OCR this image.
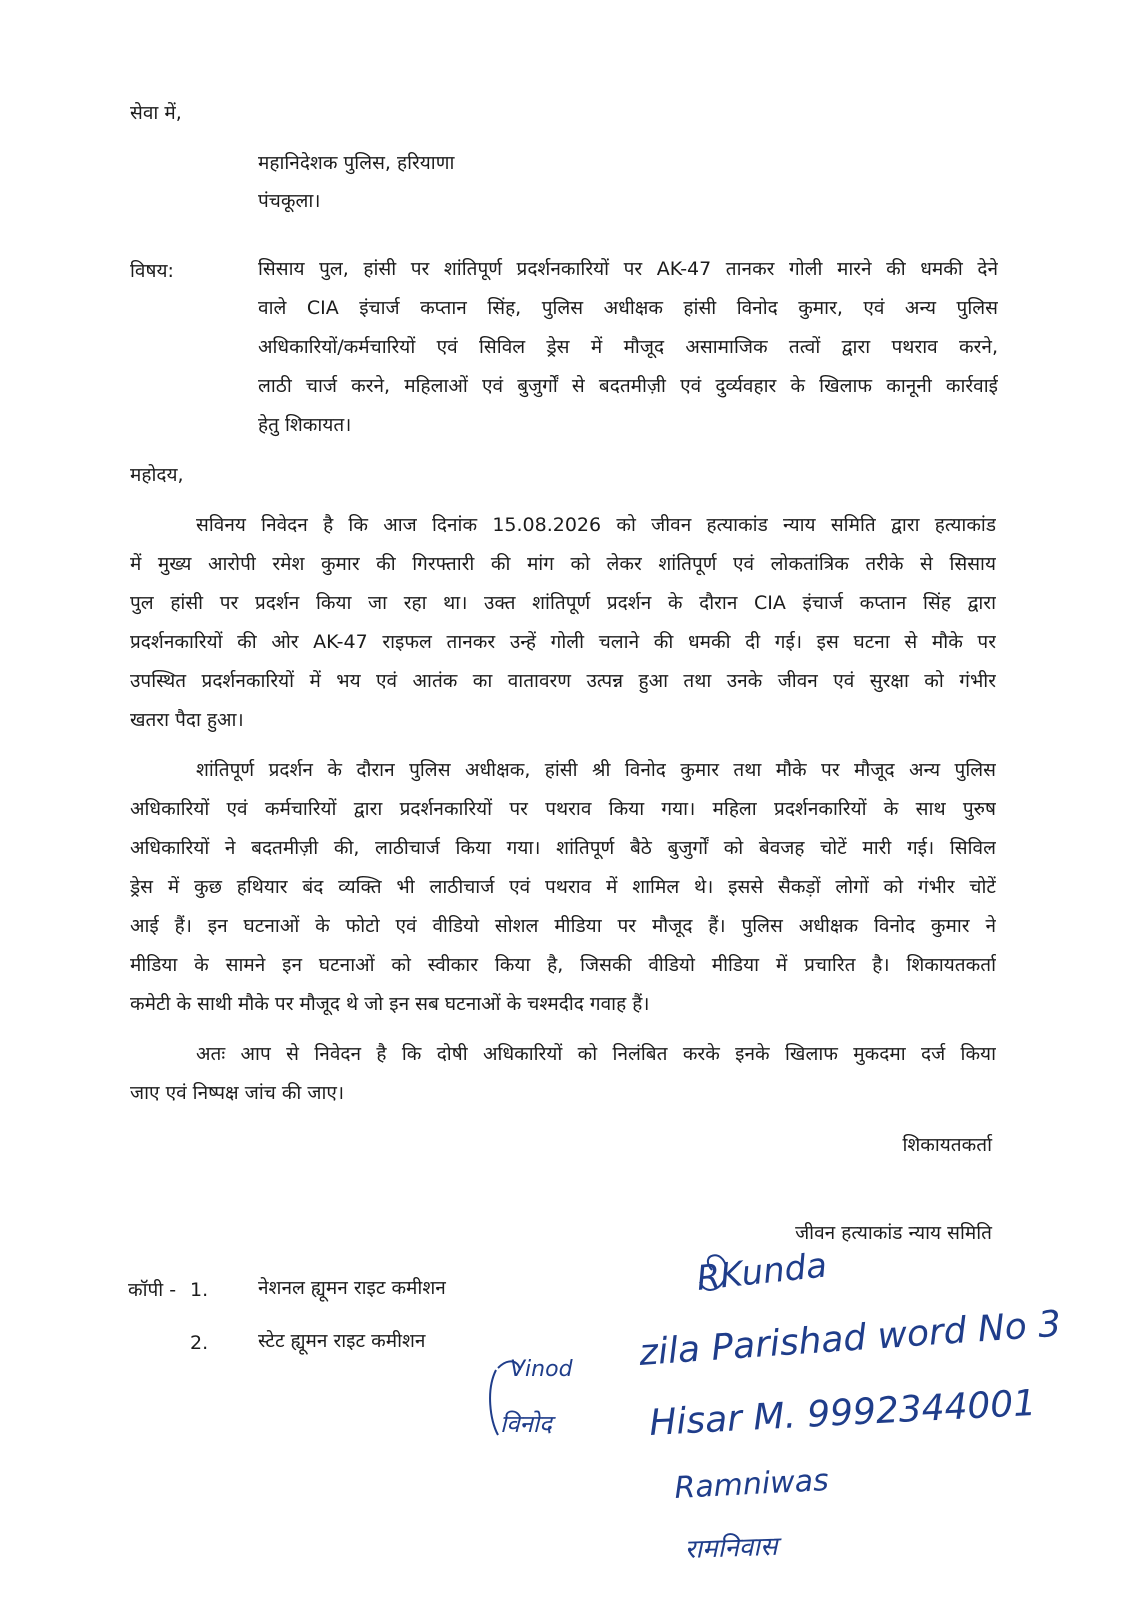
सेवा में,
महानिदेशक पुलिस, हरियाणा
पंचकूला।
विषय:	सिसाय पुल, हांसी पर शांतिपूर्ण प्रदर्शनकारियों पर AK-47 तानकर गोली मारने की धमकी देने
वाले CIA इंचार्ज कप्तान सिंह, पुलिस अधीक्षक हांसी विनोद कुमार, एवं अन्य पुलिस
अधिकारियों/कर्मचारियों एवं सिविल ड्रेस में मौजूद असामाजिक तत्वों द्वारा पथराव करने,
लाठी चार्ज करने, महिलाओं एवं बुजुर्गों से बदतमीज़ी एवं दुर्व्यवहार के खिलाफ कानूनी कार्रवाई
हेतु शिकायत।
महोदय,
सविनय निवेदन है कि आज दिनांक 15.08.2026 को जीवन हत्याकांड न्याय समिति द्वारा हत्याकांड
में मुख्य आरोपी रमेश कुमार की गिरफ्तारी की मांग को लेकर शांतिपूर्ण एवं लोकतांत्रिक तरीके से सिसाय
पुल हांसी पर प्रदर्शन किया जा रहा था। उक्त शांतिपूर्ण प्रदर्शन के दौरान CIA इंचार्ज कप्तान सिंह द्वारा
प्रदर्शनकारियों की ओर AK-47 राइफल तानकर उन्हें गोली चलाने की धमकी दी गई। इस घटना से मौके पर
उपस्थित प्रदर्शनकारियों में भय एवं आतंक का वातावरण उत्पन्न हुआ तथा उनके जीवन एवं सुरक्षा को गंभीर
खतरा पैदा हुआ।
शांतिपूर्ण प्रदर्शन के दौरान पुलिस अधीक्षक, हांसी श्री विनोद कुमार तथा मौके पर मौजूद अन्य पुलिस
अधिकारियों एवं कर्मचारियों द्वारा प्रदर्शनकारियों पर पथराव किया गया। महिला प्रदर्शनकारियों के साथ पुरुष
अधिकारियों ने बदतमीज़ी की, लाठीचार्ज किया गया। शांतिपूर्ण बैठे बुजुर्गों को बेवजह चोटें मारी गई। सिविल
ड्रेस में कुछ हथियार बंद व्यक्ति भी लाठीचार्ज एवं पथराव में शामिल थे। इससे सैकड़ों लोगों को गंभीर चोटें
आई हैं। इन घटनाओं के फोटो एवं वीडियो सोशल मीडिया पर मौजूद हैं। पुलिस अधीक्षक विनोद कुमार ने
मीडिया के सामने इन घटनाओं को स्वीकार किया है, जिसकी वीडियो मीडिया में प्रचारित है। शिकायतकर्ता
कमेटी के साथी मौके पर मौजूद थे जो इन सब घटनाओं के चश्मदीद गवाह हैं।
अतः आप से निवेदन है कि दोषी अधिकारियों को निलंबित करके इनके खिलाफ मुकदमा दर्ज किया
जाए एवं निष्पक्ष जांच की जाए।
शिकायतकर्ता
जीवन हत्याकांड न्याय समिति
कॉपी - 1.	नेशनल ह्यूमन राइट कमीशन
2.	स्टेट ह्यूमन राइट कमीशन
RKunda
zila Parishad word No 3
Hisar M. 9992344001
Ramniwas
रामनिवास
Vinod
विनोद
